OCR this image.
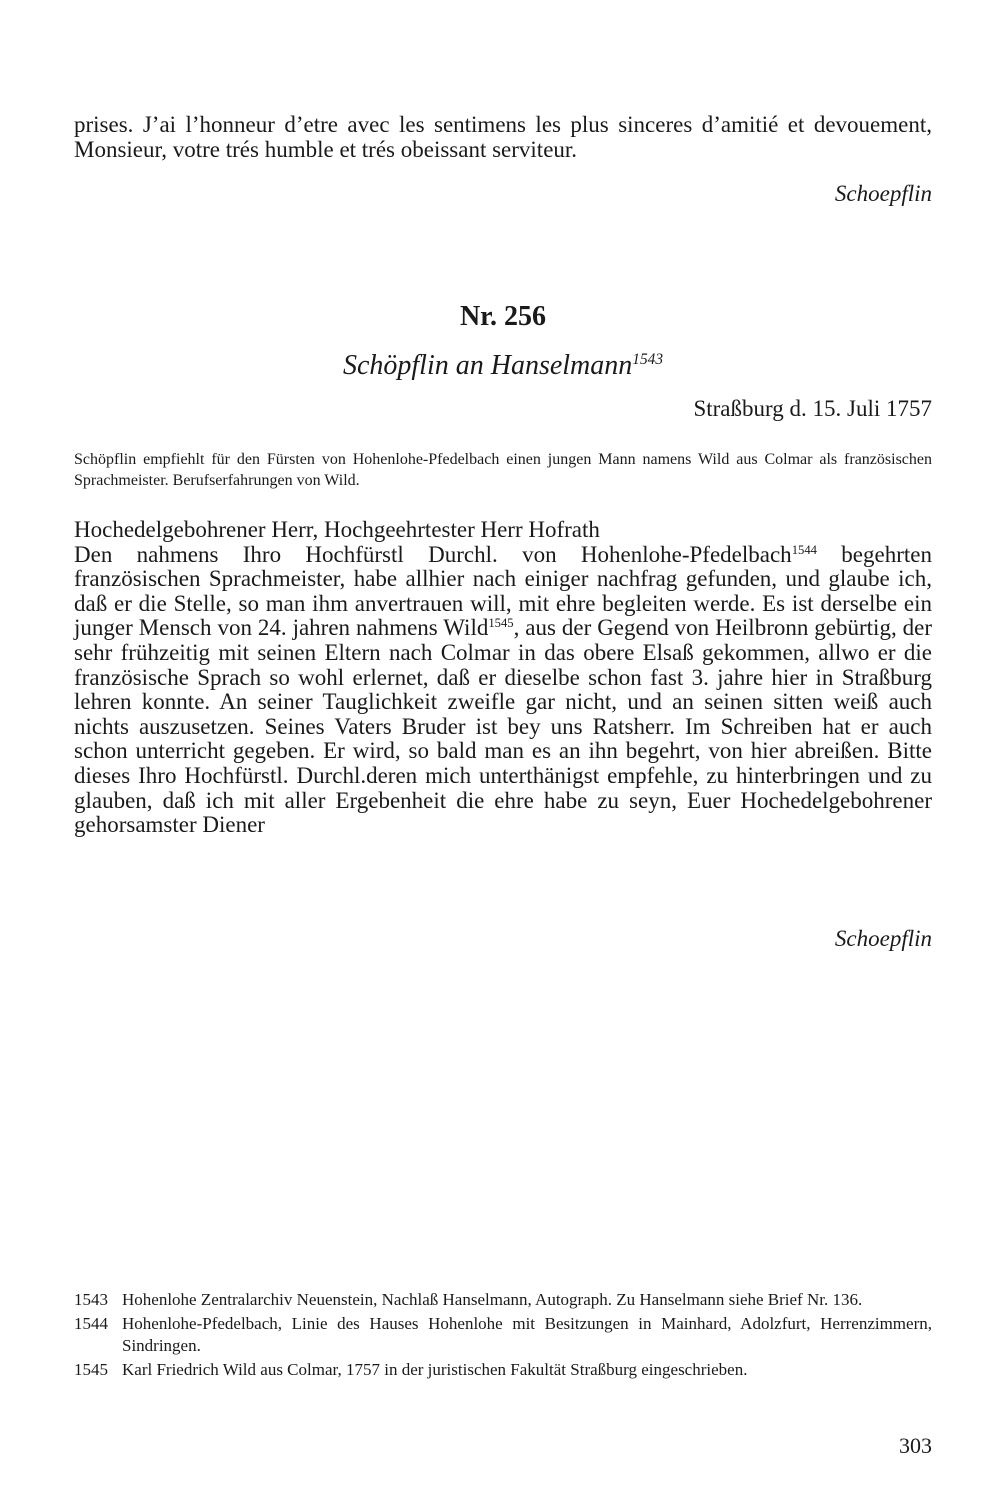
prises. J’ai l’honneur d’etre avec les sentimens les plus sinceres d’amitié et devouement, Monsieur, votre trés humble et trés obeissant serviteur.
Schoepflin
Nr. 256
Schöpflin an Hanselmann$^{1543}$
Straßburg d. 15. Juli 1757
Schöpflin empfiehlt für den Fürsten von Hohenlohe-Pfedelbach einen jungen Mann namens Wild aus Colmar als französischen Sprachmeister. Berufserfahrungen von Wild.
Hochedelgebohrener Herr, Hochgeehrtester Herr Hofrath
Den nahmens Ihro Hochfürstl Durchl. von Hohenlohe-Pfedelbach$^{1544}$ begehrten französischen Sprachmeister, habe allhier nach einiger nachfrag gefunden, und glaube ich, daß er die Stelle, so man ihm anvertrauen will, mit ehre begleiten werde. Es ist derselbe ein junger Mensch von 24. jahren nahmens Wild$^{1545}$, aus der Gegend von Heilbronn gebürtig, der sehr frühzeitig mit seinen Eltern nach Colmar in das obere Elsaß gekommen, allwo er die französische Sprach so wohl erlernet, daß er dieselbe schon fast 3. jahre hier in Straßburg lehren konnte. An seiner Tauglichkeit zweifle gar nicht, und an seinen sitten weiß auch nichts auszusetzen. Seines Vaters Bruder ist bey uns Ratsherr. Im Schreiben hat er auch schon unterricht gegeben. Er wird, so bald man es an ihn begehrt, von hier abreißen. Bitte dieses Ihro Hochfürstl. Durchl.deren mich unterthänigst empfehle, zu hinterbringen und zu glauben, daß ich mit aller Ergebenheit die ehre habe zu seyn, Euer Hochedelgebohrener gehorsamster Diener
Schoepflin
1543 Hohenlohe Zentralarchiv Neuenstein, Nachlaß Hanselmann, Autograph. Zu Hanselmann siehe Brief Nr. 136.
1544 Hohenlohe-Pfedelbach, Linie des Hauses Hohenlohe mit Besitzungen in Mainhard, Adolzfurt, Herrenzimmern, Sindringen.
1545 Karl Friedrich Wild aus Colmar, 1757 in der juristischen Fakultät Straßburg eingeschrieben.
303
